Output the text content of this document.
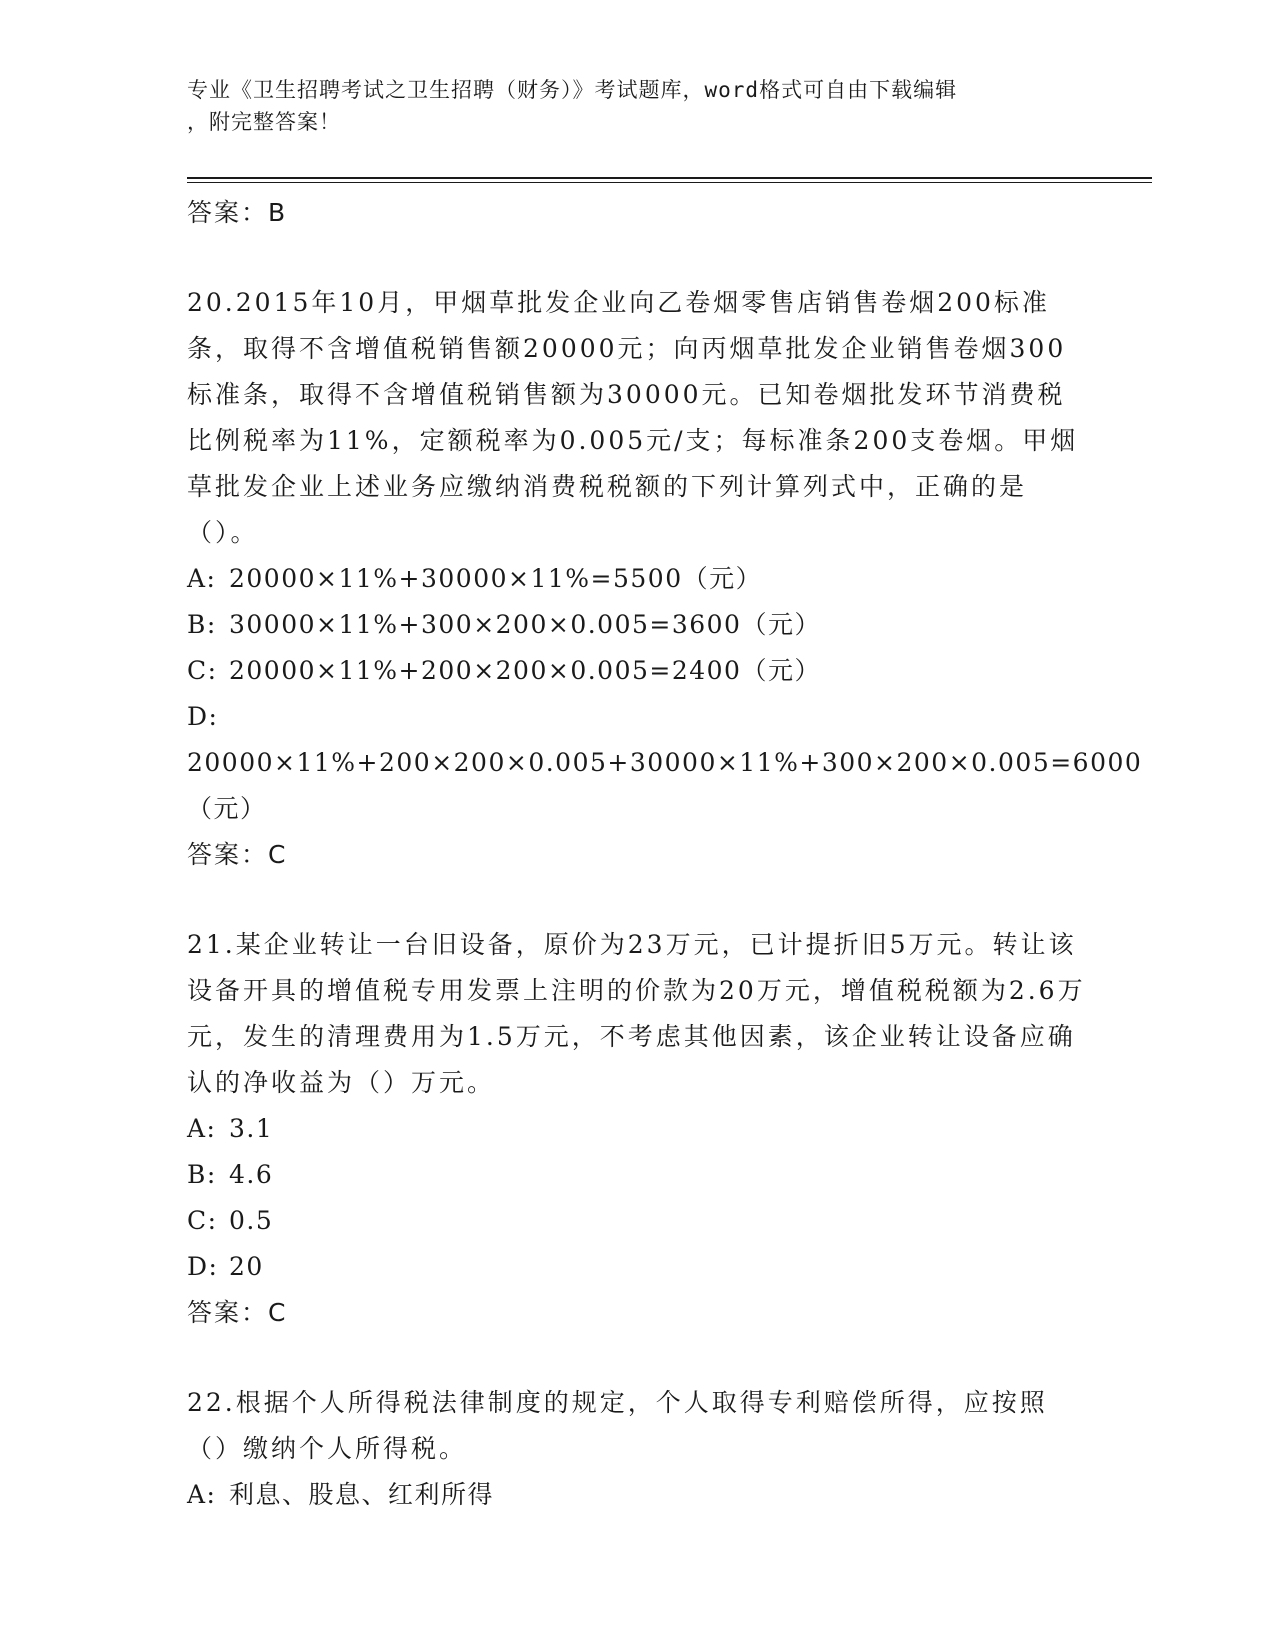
专业《卫生招聘考试之卫生招聘（财务）》考试题库，word格式可自由下载编辑
，附完整答案！

答案：B

20.2015年10月，甲烟草批发企业向乙卷烟零售店销售卷烟200标准条，取得不含增值税销售额20000元；向丙烟草批发企业销售卷烟300标准条，取得不含增值税销售额为30000元。已知卷烟批发环节消费税比例税率为11%，定额税率为0.005元/支；每标准条200支卷烟。甲烟草批发企业上述业务应缴纳消费税税额的下列计算列式中，正确的是（）。

A: 20000×11%+30000×11%=5500（元）

B: 30000×11%+300×200×0.005=3600（元）

C: 20000×11%+200×200×0.005=2400（元）

D:20000×11%+200×200×0.005+30000×11%+300×200×0.005=6000（元）

答案：C

21.某企业转让一台旧设备，原价为23万元，已计提折旧5万元。转让该设备开具的增值税专用发票上注明的价款为20万元，增值税税额为2.6万元，发生的清理费用为1.5万元，不考虑其他因素，该企业转让设备应确认的净收益为（）万元。

A: 3.1

B: 4.6

C: 0.5

D: 20

答案：C

22.根据个人所得税法律制度的规定，个人取得专利赔偿所得，应按照（）缴纳个人所得税。

A: 利息、股息、红利所得
